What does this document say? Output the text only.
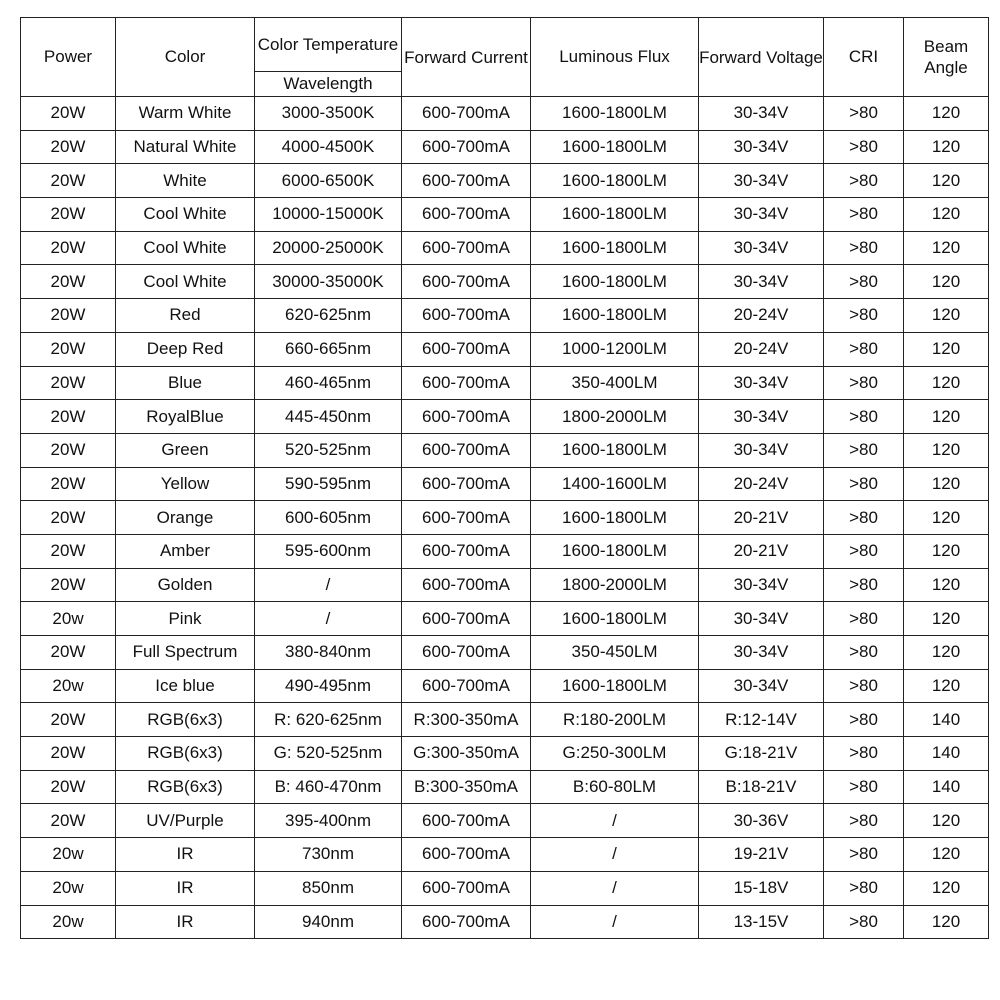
Power	Color	Color Temperature	Forward Current	Luminous Flux	Forward Voltage	CRI	Beam Angle
		Wavelength					
20W	Warm White	3000-3500K	600-700mA	1600-1800LM	30-34V	>80	120
20W	Natural White	4000-4500K	600-700mA	1600-1800LM	30-34V	>80	120
20W	White	6000-6500K	600-700mA	1600-1800LM	30-34V	>80	120
20W	Cool White	10000-15000K	600-700mA	1600-1800LM	30-34V	>80	120
20W	Cool White	20000-25000K	600-700mA	1600-1800LM	30-34V	>80	120
20W	Cool White	30000-35000K	600-700mA	1600-1800LM	30-34V	>80	120
20W	Red	620-625nm	600-700mA	1600-1800LM	20-24V	>80	120
20W	Deep Red	660-665nm	600-700mA	1000-1200LM	20-24V	>80	120
20W	Blue	460-465nm	600-700mA	350-400LM	30-34V	>80	120
20W	RoyalBlue	445-450nm	600-700mA	1800-2000LM	30-34V	>80	120
20W	Green	520-525nm	600-700mA	1600-1800LM	30-34V	>80	120
20W	Yellow	590-595nm	600-700mA	1400-1600LM	20-24V	>80	120
20W	Orange	600-605nm	600-700mA	1600-1800LM	20-21V	>80	120
20W	Amber	595-600nm	600-700mA	1600-1800LM	20-21V	>80	120
20W	Golden	/	600-700mA	1800-2000LM	30-34V	>80	120
20w	Pink	/	600-700mA	1600-1800LM	30-34V	>80	120
20W	Full Spectrum	380-840nm	600-700mA	350-450LM	30-34V	>80	120
20w	Ice blue	490-495nm	600-700mA	1600-1800LM	30-34V	>80	120
20W	RGB(6x3)	R: 620-625nm	R:300-350mA	R:180-200LM	R:12-14V	>80	140
20W	RGB(6x3)	G: 520-525nm	G:300-350mA	G:250-300LM	G:18-21V	>80	140
20W	RGB(6x3)	B: 460-470nm	B:300-350mA	B:60-80LM	B:18-21V	>80	140
20W	UV/Purple	395-400nm	600-700mA	/	30-36V	>80	120
20w	IR	730nm	600-700mA	/	19-21V	>80	120
20w	IR	850nm	600-700mA	/	15-18V	>80	120
20w	IR	940nm	600-700mA	/	13-15V	>80	120
